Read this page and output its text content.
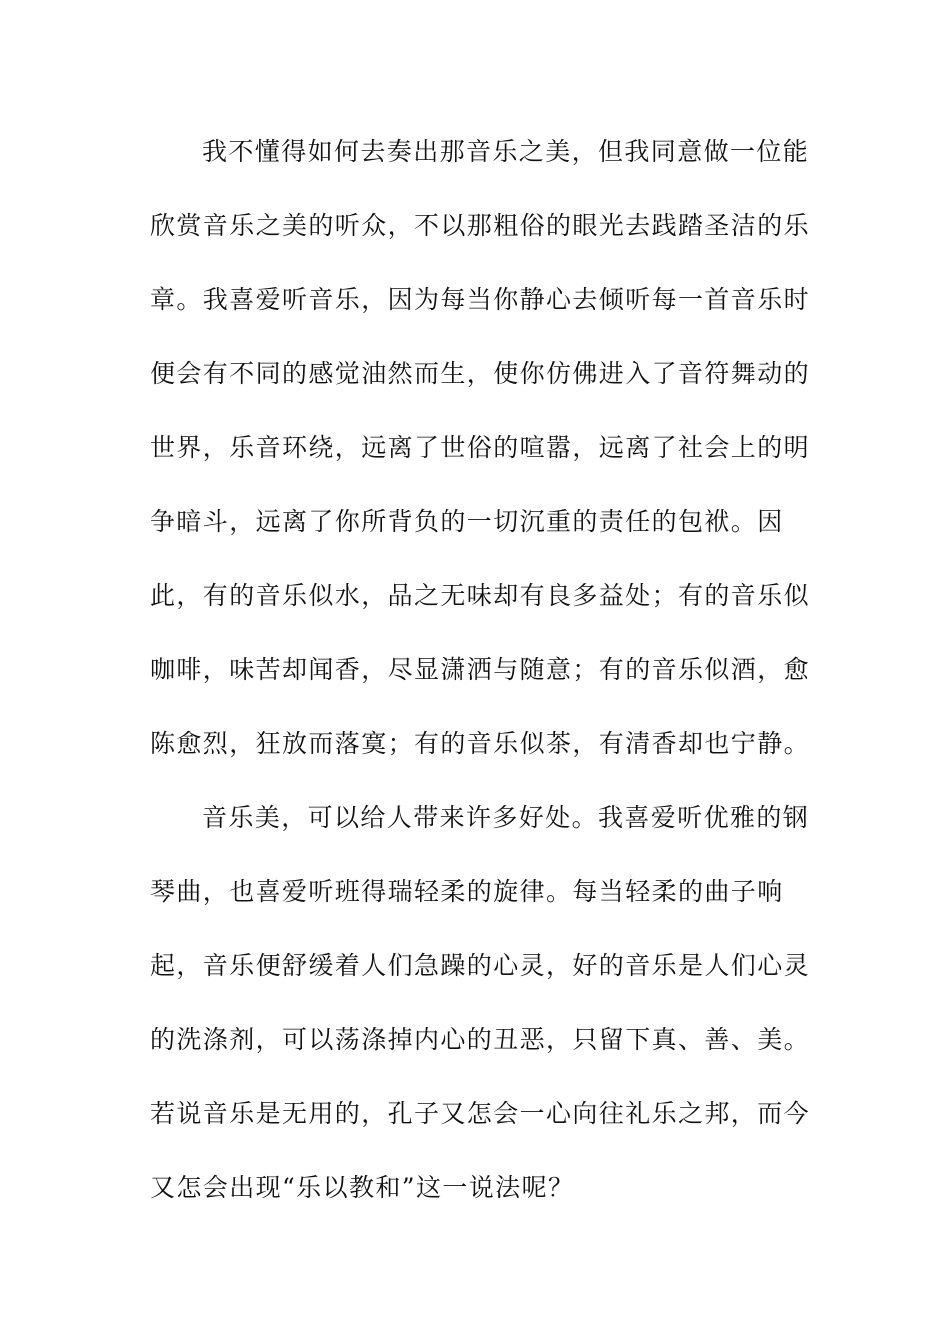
我不懂得如何去奏出那音乐之美，但我同意做一位能
欣赏音乐之美的听众，不以那粗俗的眼光去践踏圣洁的乐
章。我喜爱听音乐，因为每当你静心去倾听每一首音乐时
便会有不同的感觉油然而生，使你仿佛进入了音符舞动的
世界，乐音环绕，远离了世俗的喧嚣，远离了社会上的明
争暗斗，远离了你所背负的一切沉重的责任的包袱。因
此，有的音乐似水，品之无味却有良多益处；有的音乐似
咖啡，味苦却闻香，尽显潇洒与随意；有的音乐似酒，愈
陈愈烈，狂放而落寞；有的音乐似茶，有清香却也宁静。
音乐美，可以给人带来许多好处。我喜爱听优雅的钢
琴曲，也喜爱听班得瑞轻柔的旋律。每当轻柔的曲子响
起，音乐便舒缓着人们急躁的心灵，好的音乐是人们心灵
的洗涤剂，可以荡涤掉内心的丑恶，只留下真、善、美。
若说音乐是无用的，孔子又怎会一心向往礼乐之邦，而今
又怎会出现“乐以教和”这一说法呢？
